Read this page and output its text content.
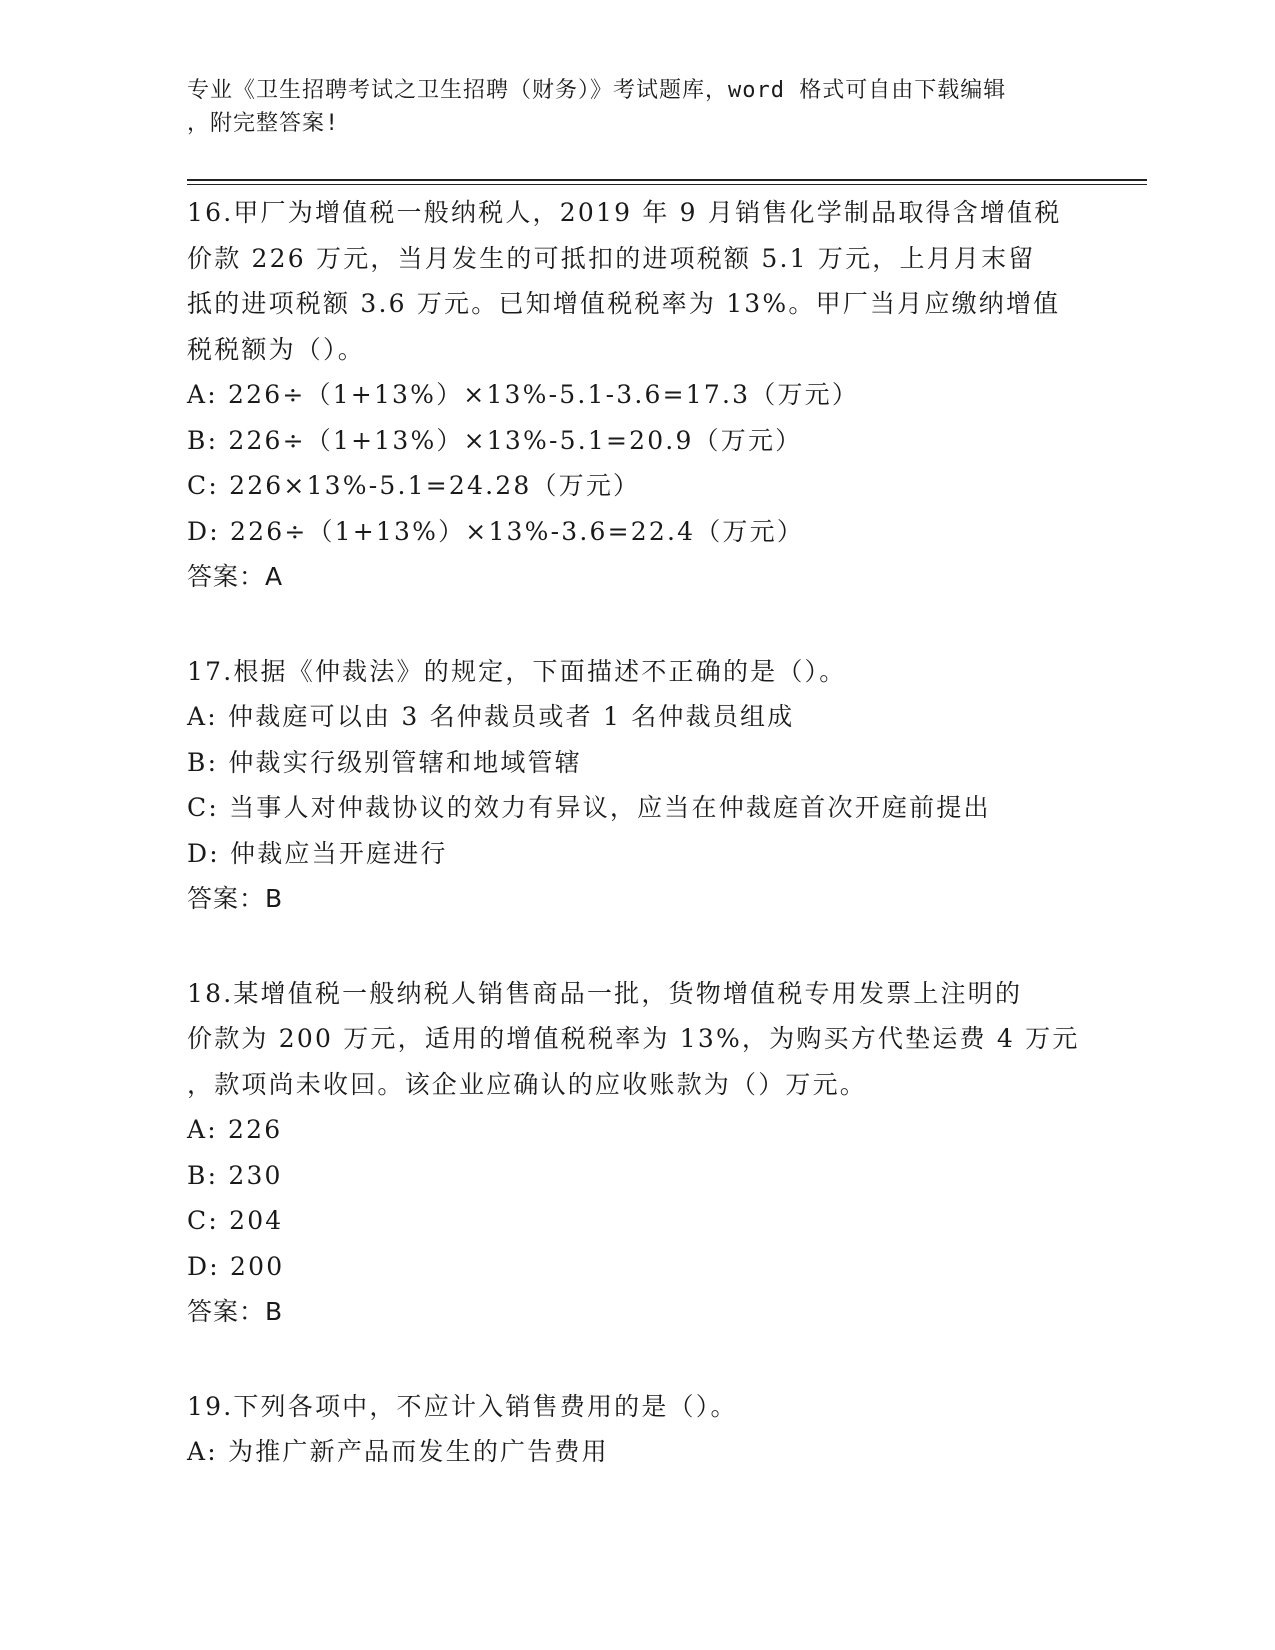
专业《卫生招聘考试之卫生招聘（财务）》考试题库，word 格式可自由下载编辑
，附完整答案!
16.甲厂为增值税一般纳税人，2019 年 9 月销售化学制品取得含增值税
价款 226 万元，当月发生的可抵扣的进项税额 5.1 万元，上月月末留
抵的进项税额 3.6 万元。已知增值税税率为 13%。甲厂当月应缴纳增值
税税额为（）。
A: 226÷（1+13%）×13%-5.1-3.6=17.3（万元）
B: 226÷（1+13%）×13%-5.1=20.9（万元）
C: 226×13%-5.1=24.28（万元）
D: 226÷（1+13%）×13%-3.6=22.4（万元）
答案：A
17.根据《仲裁法》的规定，下面描述不正确的是（）。
A: 仲裁庭可以由 3 名仲裁员或者 1 名仲裁员组成
B: 仲裁实行级别管辖和地域管辖
C: 当事人对仲裁协议的效力有异议，应当在仲裁庭首次开庭前提出
D: 仲裁应当开庭进行
答案：B
18.某增值税一般纳税人销售商品一批，货物增值税专用发票上注明的
价款为 200 万元，适用的增值税税率为 13%，为购买方代垫运费 4 万元
，款项尚未收回。该企业应确认的应收账款为（）万元。
A: 226
B: 230
C: 204
D: 200
答案：B
19.下列各项中，不应计入销售费用的是（）。
A: 为推广新产品而发生的广告费用
